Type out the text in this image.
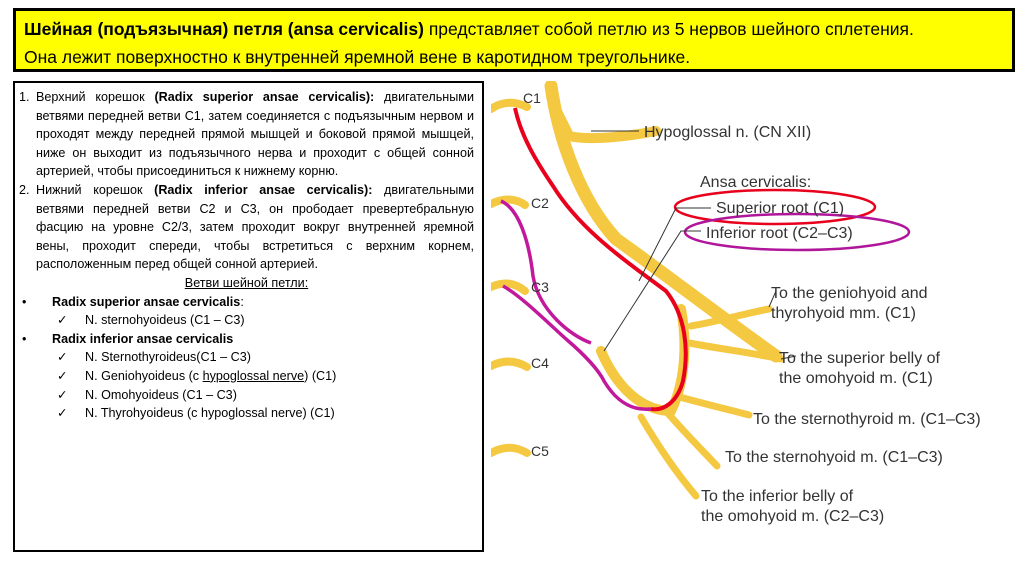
Шейная (подъязычная) петля (ansa cervicalis) представляет собой петлю из 5 нервов шейного сплетения.
Она лежит поверхностно к внутренней яремной вене в каротидном треугольнике.
1. Верхний корешок (Radix superior ansae cervicalis): двигательными ветвями передней ветви С1, затем соединяется с подъязычным нервом и проходят между передней прямой мышцей и боковой прямой мышцей, ниже он выходит из подъязычного нерва и проходит с общей сонной артерией, чтобы присоединиться к нижнему корню.

2. Нижний корешок (Radix inferior ansae cervicalis): двигательными ветвями передней ветви С2 и С3, он прободает превертебральную фасцию на уровне С2/3, затем проходит вокруг внутренней яремной вены, проходит спереди, чтобы встретиться с верхним корнем, расположенным перед общей сонной артерией.

Ветви шейной петли:

•	Radix superior ansae cervicalis:
✓	N. sternohyoideus (C1 – C3)
•	Radix inferior ansae cervicalis
✓	N. Sternothyroideus(C1 – C3)
✓	N. Geniohyoideus (c hypoglossal nerve) (C1)
✓	N. Omohyoideus (C1 – C3)
✓	N. Thyrohyoideus (c hypoglossal nerve) (C1)
C1
C2
C3
C4
C5
Hypoglossal n. (CN XII)
Ansa cervicalis:
Superior root (C1)
Inferior root (C2–C3)
To the geniohyoid and
thyrohyoid mm. (C1)
To the superior belly of
the omohyoid m. (C1)
To the sternothyroid m. (C1–C3)
To the sternohyoid m. (C1–C3)
To the inferior belly of
the omohyoid m. (C2–C3)
